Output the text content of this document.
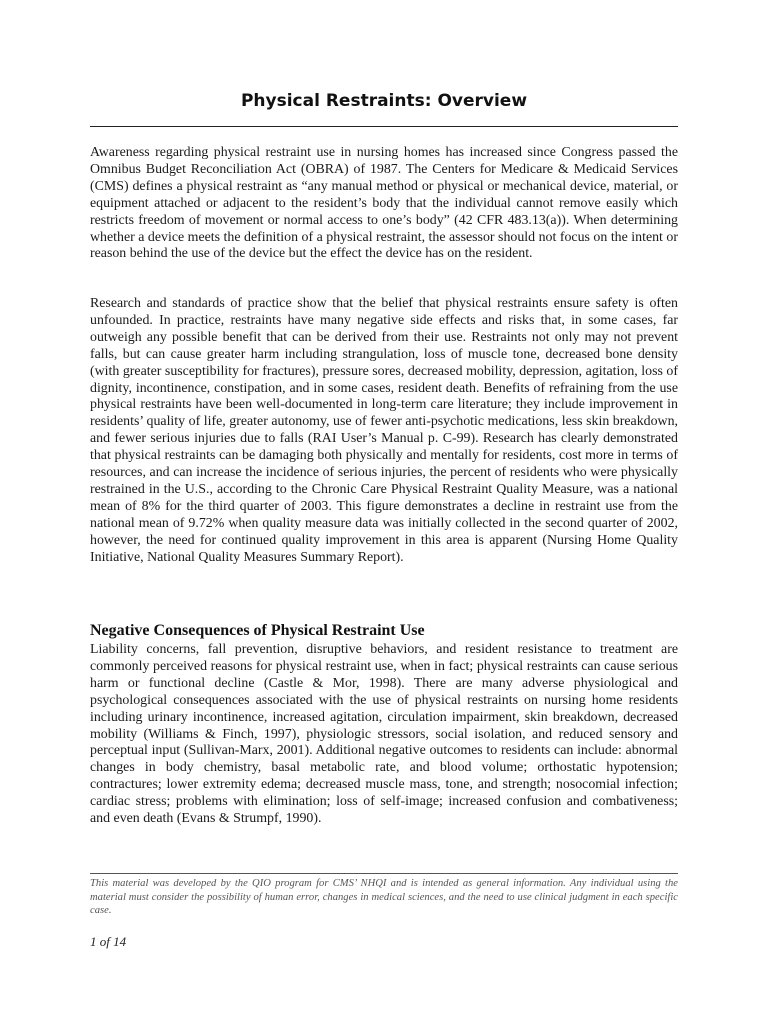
Physical Restraints: Overview

Awareness regarding physical restraint use in nursing homes has increased since Congress passed the Omnibus Budget Reconciliation Act (OBRA) of 1987. The Centers for Medicare & Medicaid Services (CMS) defines a physical restraint as “any manual method or physical or mechanical device, material, or equipment attached or adjacent to the resident’s body that the individual cannot remove easily which restricts freedom of movement or normal access to one’s body” (42 CFR 483.13(a)). When determining whether a device meets the definition of a physical restraint, the assessor should not focus on the intent or reason behind the use of the device but the effect the device has on the resident.

Research and standards of practice show that the belief that physical restraints ensure safety is often unfounded. In practice, restraints have many negative side effects and risks that, in some cases, far outweigh any possible benefit that can be derived from their use. Restraints not only may not prevent falls, but can cause greater harm including strangulation, loss of muscle tone, decreased bone density (with greater susceptibility for fractures), pressure sores, decreased mobility, depression, agitation, loss of dignity, incontinence, constipation, and in some cases, resident death. Benefits of refraining from the use physical restraints have been well-documented in long-term care literature; they include improvement in residents’ quality of life, greater autonomy, use of fewer anti-psychotic medications, less skin breakdown, and fewer serious injuries due to falls (RAI User’s Manual p. C-99). Research has clearly demonstrated that physical restraints can be damaging both physically and mentally for residents, cost more in terms of resources, and can increase the incidence of serious injuries, the percent of residents who were physically restrained in the U.S., according to the Chronic Care Physical Restraint Quality Measure, was a national mean of 8% for the third quarter of 2003. This figure demonstrates a decline in restraint use from the national mean of 9.72% when quality measure data was initially collected in the second quarter of 2002, however, the need for continued quality improvement in this area is apparent (Nursing Home Quality Initiative, National Quality Measures Summary Report).

Negative Consequences of Physical Restraint Use

Liability concerns, fall prevention, disruptive behaviors, and resident resistance to treatment are commonly perceived reasons for physical restraint use, when in fact; physical restraints can cause serious harm or functional decline (Castle & Mor, 1998). There are many adverse physiological and psychological consequences associated with the use of physical restraints on nursing home residents including urinary incontinence, increased agitation, circulation impairment, skin breakdown, decreased mobility (Williams & Finch, 1997), physiologic stressors, social isolation, and reduced sensory and perceptual input (Sullivan-Marx, 2001). Additional negative outcomes to residents can include: abnormal changes in body chemistry, basal metabolic rate, and blood volume; orthostatic hypotension; contractures; lower extremity edema; decreased muscle mass, tone, and strength; nosocomial infection; cardiac stress; problems with elimination; loss of self-image; increased confusion and combativeness; and even death (Evans & Strumpf, 1990).

This material was developed by the QIO program for CMS’ NHQI and is intended as general information. Any individual using the material must consider the possibility of human error, changes in medical sciences, and the need to use clinical judgment in each specific case.

1 of 14
